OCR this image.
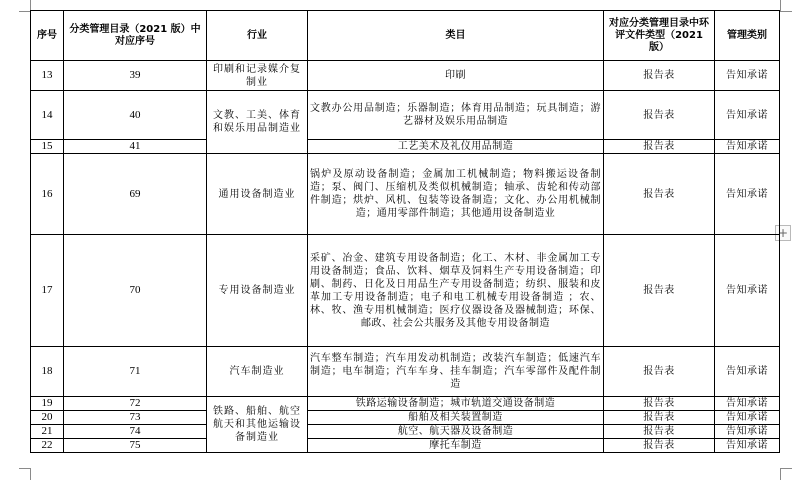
+
序号	分类管理目录（2021 版）中对应序号	行业	类目	对应分类管理目录中环评文件类型（2021 版）	管理类别
13	39	印刷和记录媒介复制业	印刷	报告表	告知承诺
14	40	文教、工美、体育和娱乐用品制造业	文教办公用品制造；乐器制造；体育用品制造；玩具制造；游艺器材及娱乐用品制造	报告表	告知承诺
15	41		工艺美术及礼仪用品制造	报告表	告知承诺
16	69	通用设备制造业	锅炉及原动设备制造；金属加工机械制造；物料搬运设备制造；泵、阀门、压缩机及类似机械制造；轴承、齿轮和传动部件制造；烘炉、风机、包装等设备制造；文化、办公用机械制造；通用零部件制造；其他通用设备制造业	报告表	告知承诺
17	70	专用设备制造业	采矿、冶金、建筑专用设备制造；化工、木材、非金属加工专用设备制造；食品、饮料、烟草及饲料生产专用设备制造；印刷、制药、日化及日用品生产专用设备制造；纺织、服装和皮革加工专用设备制造；电子和电工机械专用设备制造 ；农、林、牧、渔专用机械制造；医疗仪器设备及器械制造；环保、邮政、社会公共服务及其他专用设备制造	报告表	告知承诺
18	71	汽车制造业	汽车整车制造；汽车用发动机制造；改装汽车制造；低速汽车制造；电车制造；汽车车身、挂车制造；汽车零部件及配件制造	报告表	告知承诺
19	72	铁路、船舶、航空航天和其他运输设备制造业	铁路运输设备制造；城市轨道交通设备制造	报告表	告知承诺
20	73		船舶及相关装置制造	报告表	告知承诺
21	74		航空、航天器及设备制造	报告表	告知承诺
22	75		摩托车制造	报告表	告知承诺
